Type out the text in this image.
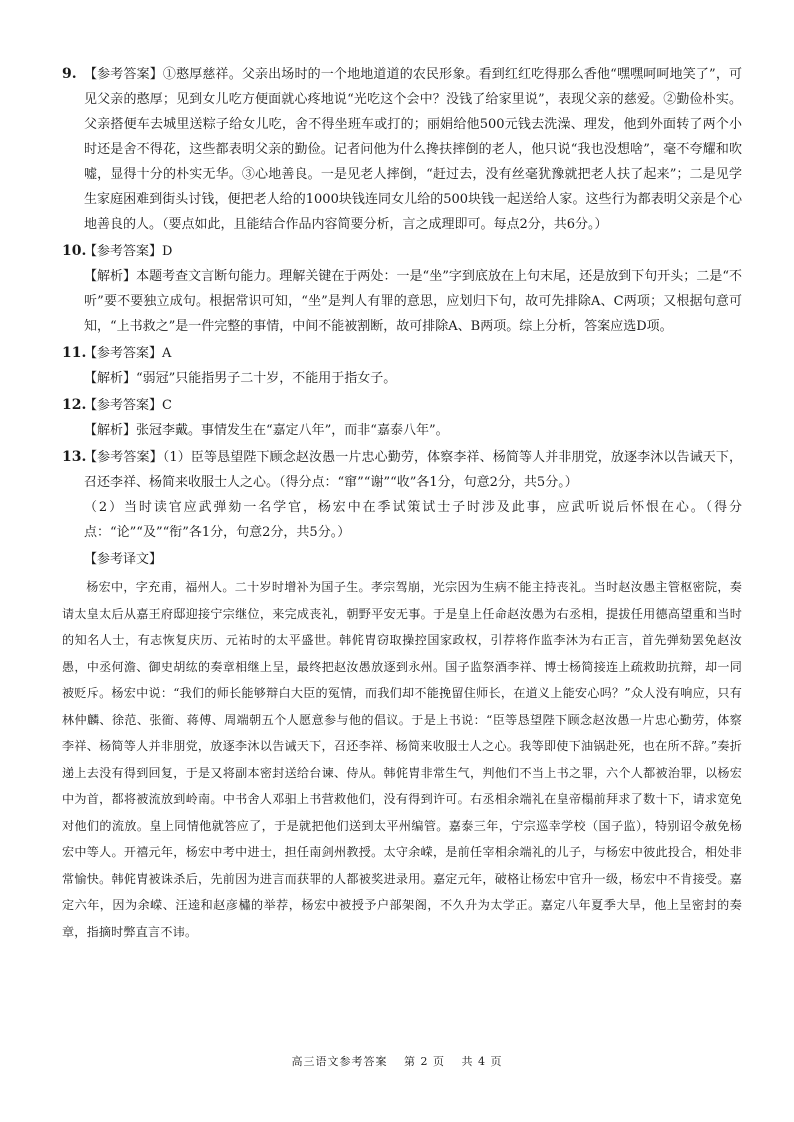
9. 【参考答案】①憨厚慈祥。父亲出场时的一个地地道道的农民形象。看到红红吃得那么香他“嘿嘿呵呵地笑了”，可见父亲的憨厚；见到女儿吃方便面就心疼地说“光吃这个会中？没钱了给家里说”，表现父亲的慈爱。②勤俭朴实。父亲搭便车去城里送粽子给女儿吃，舍不得坐班车或打的；丽娟给他500元钱去洗澡、理发，他到外面转了两个小时还是舍不得花，这些都表明父亲的勤俭。记者问他为什么搀扶摔倒的老人，他只说“我也没想啥”，毫不夸耀和吹嘘，显得十分的朴实无华。③心地善良。一是见老人摔倒，“赶过去，没有丝毫犹豫就把老人扶了起来”；二是见学生家庭困难到街头讨钱，便把老人给的1000块钱连同女儿给的500块钱一起送给人家。这些行为都表明父亲是个心地善良的人。（要点如此，且能结合作品内容简要分析，言之成理即可。每点2分，共6分。）
10.
【参考答案】D
【解析】本题考查文言断句能力。理解关键在于两处：一是“坐”字到底放在上句末尾，还是放到下句开头；二是“不听”要不要独立成句。根据常识可知，“坐”是判人有罪的意思，应划归下句，故可先排除A、C两项；又根据句意可知，“上书救之”是一件完整的事情，中间不能被割断，故可排除A、B两项。综上分析，答案应选D项。
11.
【参考答案】A
【解析】“弱冠”只能指男子二十岁，不能用于指女子。
12.
【参考答案】C
【解析】张冠李戴。事情发生在“嘉定八年”，而非“嘉泰八年”。
13.
【参考答案】（1）臣等恳望陛下顾念赵汝愚一片忠心勤劳，体察李祥、杨简等人并非朋党，放逐李沐以告诫天下，召还李祥、杨简来收服士人之心。（得分点：“窜”“谢”“收”各1分，句意2分，共5分。）
（2）当时读官应武弹劾一名学官，杨宏中在季试策试士子时涉及此事，应武听说后怀恨在心。（得分点：“论”“及”“衔”各1分，句意2分，共5分。）
【参考译文】
杨宏中，字充甫，福州人。二十岁时增补为国子生。孝宗驾崩，光宗因为生病不能主持丧礼。当时赵汝愚主管枢密院，奏请太皇太后从嘉王府邸迎接宁宗继位，来完成丧礼，朝野平安无事。于是皇上任命赵汝愚为右丞相，提拔任用德高望重和当时的知名人士，有志恢复庆历、元祐时的太平盛世。韩侂胄窃取操控国家政权，引荐将作监李沐为右正言，首先弹劾罢免赵汝愚，中丞何澹、御史胡纮的奏章相继上呈，最终把赵汝愚放逐到永州。国子监祭酒李祥、博士杨简接连上疏救助抗辩，却一同被贬斥。杨宏中说：“我们的师长能够辩白大臣的冤情，而我们却不能挽留住师长，在道义上能安心吗？”众人没有响应，只有林仲麟、徐范、张衜、蒋傅、周端朝五个人愿意参与他的倡议。于是上书说：“臣等恳望陛下顾念赵汝愚一片忠心勤劳，体察李祥、杨简等人并非朋党，放逐李沐以告诫天下，召还李祥、杨简来收服士人之心。我等即使下油锅赴死，也在所不辞。”奏折递上去没有得到回复，于是又将副本密封送给台谏、侍从。韩侂胄非常生气，判他们不当上书之罪，六个人都被治罪，以杨宏中为首，都将被流放到岭南。中书舍人邓驲上书营救他们，没有得到许可。右丞相余端礼在皇帝榻前拜求了数十下，请求宽免对他们的流放。皇上同情他就答应了，于是就把他们送到太平州编管。嘉泰三年，宁宗巡幸学校（国子监），特别诏令赦免杨宏中等人。开禧元年，杨宏中考中进士，担任南剑州教授。太守余嵘，是前任宰相余端礼的儿子，与杨宏中彼此投合，相处非常愉快。韩侂胄被诛杀后，先前因为进言而获罪的人都被奖进录用。嘉定元年，破格让杨宏中官升一级，杨宏中不肯接受。嘉定六年，因为余嵘、汪逵和赵彦橚的举荐，杨宏中被授予户部架阁，不久升为太学正。嘉定八年夏季大旱，他上呈密封的奏章，指摘时弊直言不讳。
高三语文参考答案 第 2 页 共 4 页
